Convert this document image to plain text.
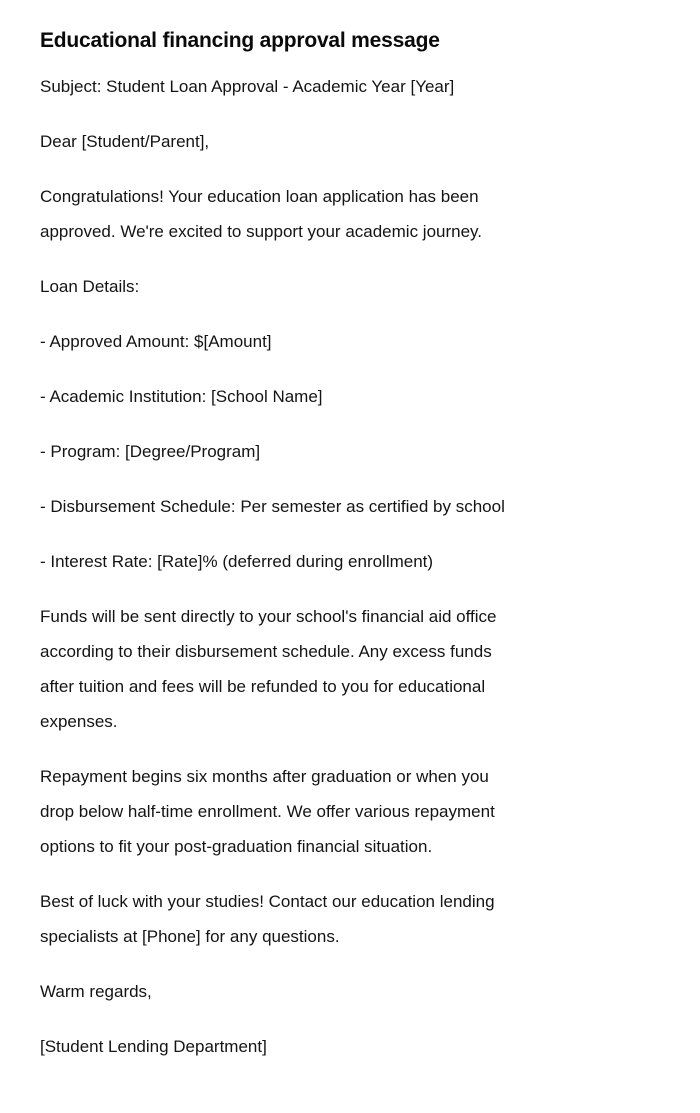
Educational financing approval message

Subject: Student Loan Approval - Academic Year [Year]

Dear [Student/Parent],

Congratulations! Your education loan application has been
approved. We're excited to support your academic journey.

Loan Details:

- Approved Amount: $[Amount]

- Academic Institution: [School Name]

- Program: [Degree/Program]

- Disbursement Schedule: Per semester as certified by school

- Interest Rate: [Rate]% (deferred during enrollment)

Funds will be sent directly to your school's financial aid office
according to their disbursement schedule. Any excess funds
after tuition and fees will be refunded to you for educational
expenses.

Repayment begins six months after graduation or when you
drop below half-time enrollment. We offer various repayment
options to fit your post-graduation financial situation.

Best of luck with your studies! Contact our education lending
specialists at [Phone] for any questions.

Warm regards,

[Student Lending Department]
